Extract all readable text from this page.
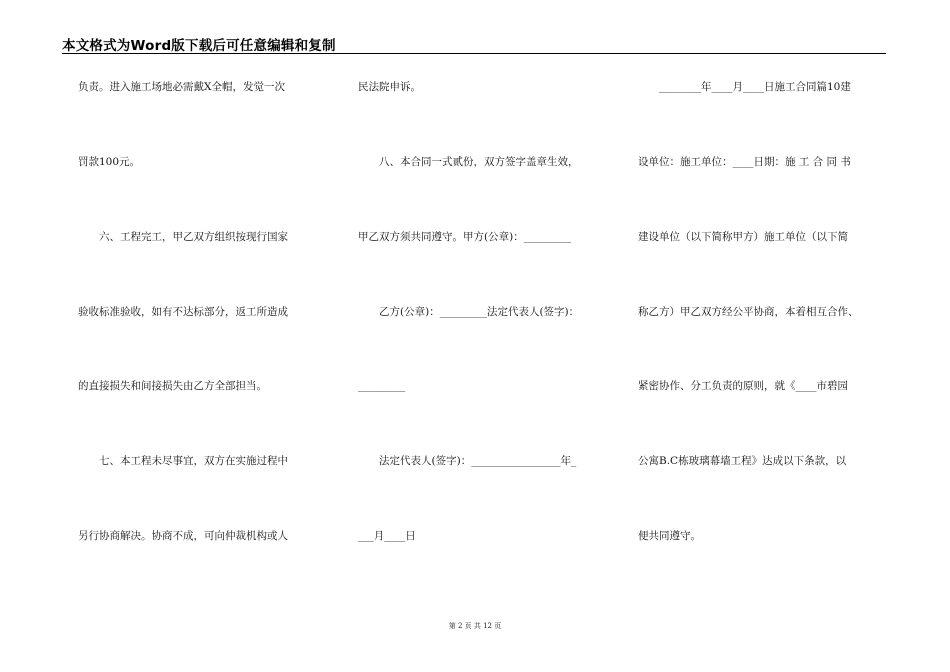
本文格式为Word版下载后可任意编辑和复制
负责。进入施工场地必需戴X全帽，发觉一次
罚款100元。
　　六、工程完工，甲乙双方组织按现行国家
验收标准验收，如有不达标部分，返工所造成
的直接损失和间接损失由乙方全部担当。
　　七、本工程未尽事宜，双方在实施过程中
另行协商解决。协商不成，可向仲裁机构或人
民法院申诉。
　　八、本合同一式贰份，双方签字盖章生效，
甲乙双方须共同遵守。甲方(公章)：_________
　　乙方(公章)：_________法定代表人(签字)：
_________
　　法定代表人(签字)：_________________年_
___月____日
　　________年____月____日施工合同篇10建
设单位：施工单位：____日期：施 工 合 同 书
建设单位（以下简称甲方）施工单位（以下简
称乙方）甲乙双方经公平协商，本着相互合作、
紧密协作、分工负责的原则，就《____市碧园
公寓B.C栋玻璃幕墙工程》达成以下条款，以
便共同遵守。
第 2 页 共 12 页
